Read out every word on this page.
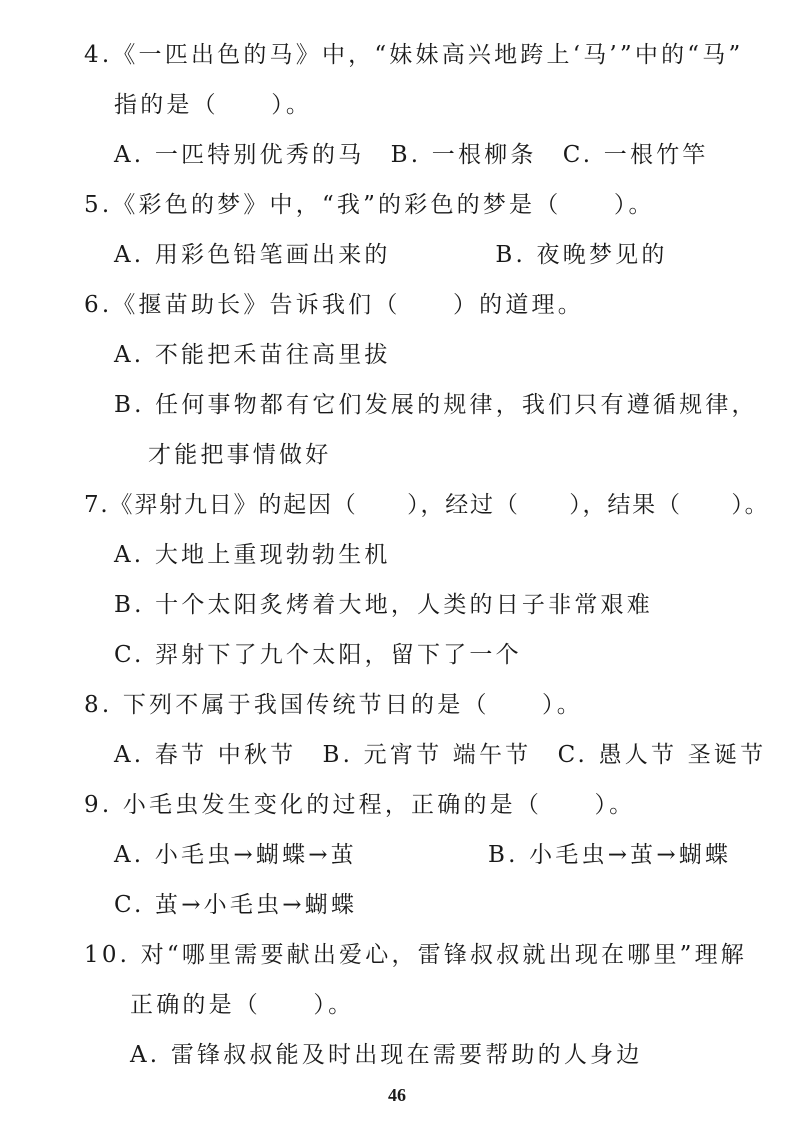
4.《一匹出色的马》中，“妹妹高兴地跨上‘马’”中的“马”
指的是（　　）。
A. 一匹特别优秀的马　B. 一根柳条　C. 一根竹竿
5.《彩色的梦》中，“我”的彩色的梦是（　　）。
A. 用彩色铅笔画出来的　　　　B. 夜晚梦见的
6.《揠苗助长》告诉我们（　　）的道理。
A. 不能把禾苗往高里拔
B. 任何事物都有它们发展的规律，我们只有遵循规律，
才能把事情做好
7.《羿射九日》的起因（　　），经过（　　），结果（　　）。
A. 大地上重现勃勃生机
B. 十个太阳炙烤着大地，人类的日子非常艰难
C. 羿射下了九个太阳，留下了一个
8. 下列不属于我国传统节日的是（　　）。
A. 春节 中秋节　B. 元宵节 端午节　C. 愚人节 圣诞节
9. 小毛虫发生变化的过程，正确的是（　　）。
A. 小毛虫→蝴蝶→茧　　　　　B. 小毛虫→茧→蝴蝶
C. 茧→小毛虫→蝴蝶
10. 对“哪里需要献出爱心，雷锋叔叔就出现在哪里”理解
正确的是（　　）。
A. 雷锋叔叔能及时出现在需要帮助的人身边
46
